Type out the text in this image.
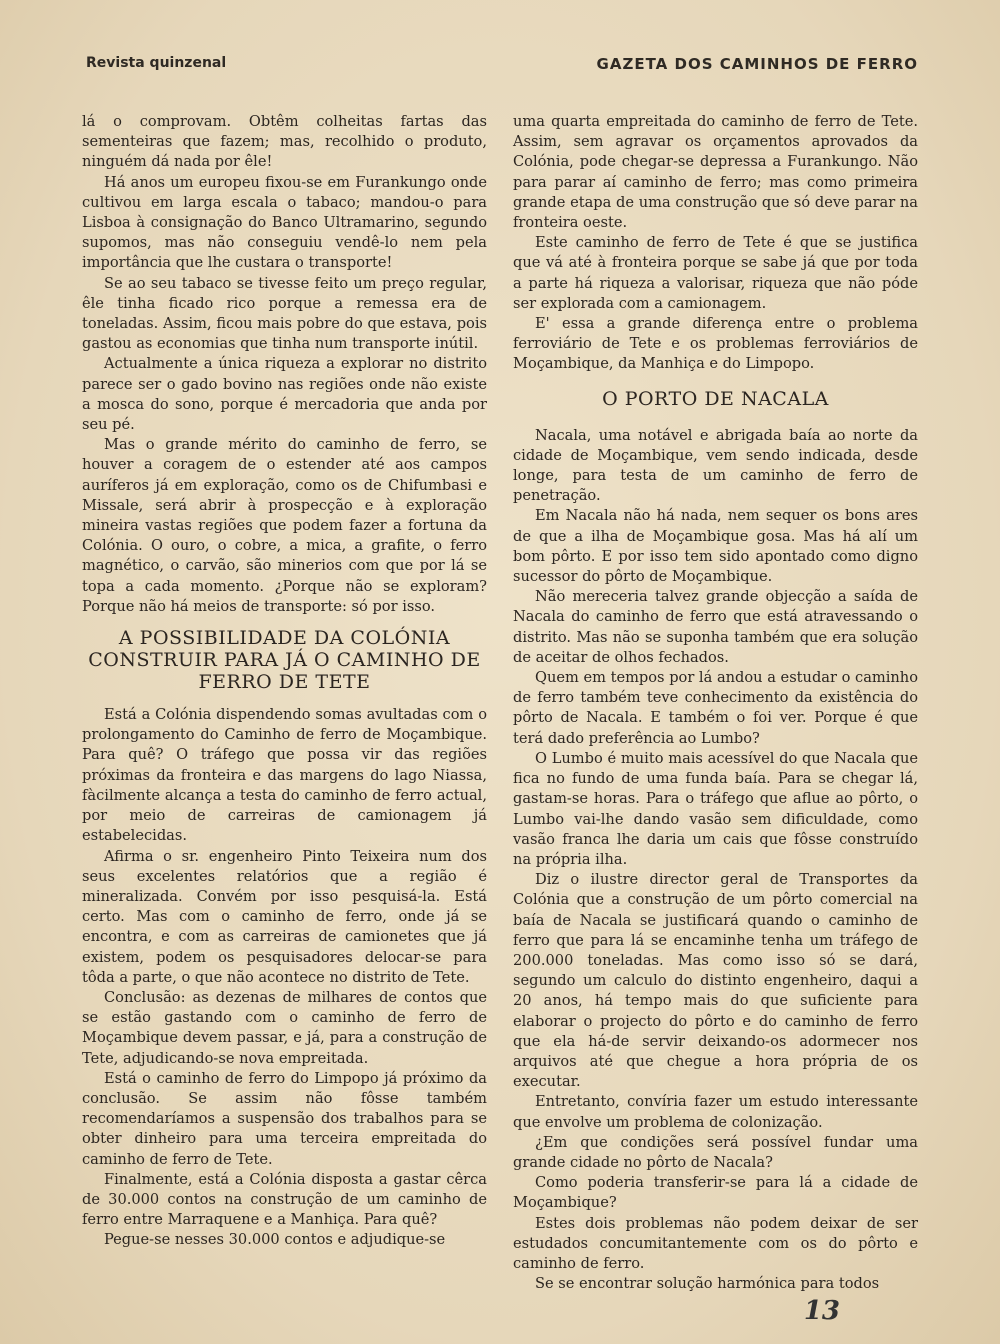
Revista quinzenal	GAZETA DOS CAMINHOS DE FERRO

lá o comprovam. Obtêm colheitas fartas das sementeiras que fazem; mas, recolhido o produto, ninguém dá nada por êle!

Há anos um europeu fixou-se em Furankungo onde cultivou em larga escala o tabaco; mandou-o para Lisboa à consignação do Banco Ultramarino, segundo supomos, mas não conseguiu vendê-lo nem pela importância que lhe custara o transporte!

Se ao seu tabaco se tivesse feito um preço regular, êle tinha ficado rico porque a remessa era de toneladas. Assim, ficou mais pobre do que estava, pois gastou as economias que tinha num transporte inútil.

Actualmente a única riqueza a explorar no distrito parece ser o gado bovino nas regiões onde não existe a mosca do sono, porque é mercadoria que anda por seu pé.

Mas o grande mérito do caminho de ferro, se houver a coragem de o estender até aos campos auríferos já em exploração, como os de Chifumbasi e Missale, será abrir à prospecção e à exploração mineira vastas regiões que podem fazer a fortuna da Colónia. O ouro, o cobre, a mica, a grafite, o ferro magnético, o carvão, são minerios com que por lá se topa a cada momento. ¿Porque não se exploram? Porque não há meios de transporte: só por isso.

A POSSIBILIDADE DA COLÓNIA CONSTRUIR PARA JÁ O CAMINHO DE FERRO DE TETE

Está a Colónia dispendendo somas avultadas com o prolongamento do Caminho de ferro de Moçambique. Para quê? O tráfego que possa vir das regiões próximas da fronteira e das margens do lago Niassa, fàcilmente alcança a testa do caminho de ferro actual, por meio de carreiras de camionagem já estabelecidas.

Afirma o sr. engenheiro Pinto Teixeira num dos seus excelentes relatórios que a região é mineralizada. Convém por isso pesquisá-la. Está certo. Mas com o caminho de ferro, onde já se encontra, e com as carreiras de camionetes que já existem, podem os pesquisadores delocar-se para tôda a parte, o que não acontece no distrito de Tete.

Conclusão: as dezenas de milhares de contos que se estão gastando com o caminho de ferro de Moçambique devem passar, e já, para a construção de Tete, adjudicando-se nova empreitada.

Está o caminho de ferro do Limpopo já próximo da conclusão. Se assim não fôsse também recomendaríamos a suspensão dos trabalhos para se obter dinheiro para uma terceira empreitada do caminho de ferro de Tete.

Finalmente, está a Colónia disposta a gastar cêrca de 30.000 contos na construção de um caminho de ferro entre Marraquene e a Manhiça. Para quê?

Pegue-se nesses 30.000 contos e adjudique-se

uma quarta empreitada do caminho de ferro de Tete. Assim, sem agravar os orçamentos aprovados da Colónia, pode chegar-se depressa a Furankungo. Não para parar aí caminho de ferro; mas como primeira grande etapa de uma construção que só deve parar na fronteira oeste.

Este caminho de ferro de Tete é que se justifica que vá até à fronteira porque se sabe já que por toda a parte há riqueza a valorisar, riqueza que não póde ser explorada com a camionagem.

E' essa a grande diferença entre o problema ferroviário de Tete e os problemas ferroviários de Moçambique, da Manhiça e do Limpopo.

O PORTO DE NACALA

Nacala, uma notável e abrigada baía ao norte da cidade de Moçambique, vem sendo indicada, desde longe, para testa de um caminho de ferro de penetração.

Em Nacala não há nada, nem sequer os bons ares de que a ilha de Moçambique gosa. Mas há alí um bom pôrto. E por isso tem sido apontado como digno sucessor do pôrto de Moçambique.

Não mereceria talvez grande objecção a saída de Nacala do caminho de ferro que está atravessando o distrito. Mas não se suponha também que era solução de aceitar de olhos fechados.

Quem em tempos por lá andou a estudar o caminho de ferro também teve conhecimento da existência do pôrto de Nacala. E também o foi ver. Porque é que terá dado preferência ao Lumbo?

O Lumbo é muito mais acessível do que Nacala que fica no fundo de uma funda baía. Para se chegar lá, gastam-se horas. Para o tráfego que aflue ao pôrto, o Lumbo vai-lhe dando vasão sem dificuldade, como vasão franca lhe daria um cais que fôsse construído na própria ilha.

Diz o ilustre director geral de Transportes da Colónia que a construção de um pôrto comercial na baía de Nacala se justificará quando o caminho de ferro que para lá se encaminhe tenha um tráfego de 200.000 toneladas. Mas como isso só se dará, segundo um calculo do distinto engenheiro, daqui a 20 anos, há tempo mais do que suficiente para elaborar o projecto do pôrto e do caminho de ferro que ela há-de servir deixando-os adormecer nos arquivos até que chegue a hora própria de os executar.

Entretanto, convíria fazer um estudo interessante que envolve um problema de colonização.

¿Em que condições será possível fundar uma grande cidade no pôrto de Nacala?

Como poderia transferir-se para lá a cidade de Moçambique?

Estes dois problemas não podem deixar de ser estudados concumitantemente com os do pôrto e caminho de ferro.

Se se encontrar solução harmónica para todos

13
